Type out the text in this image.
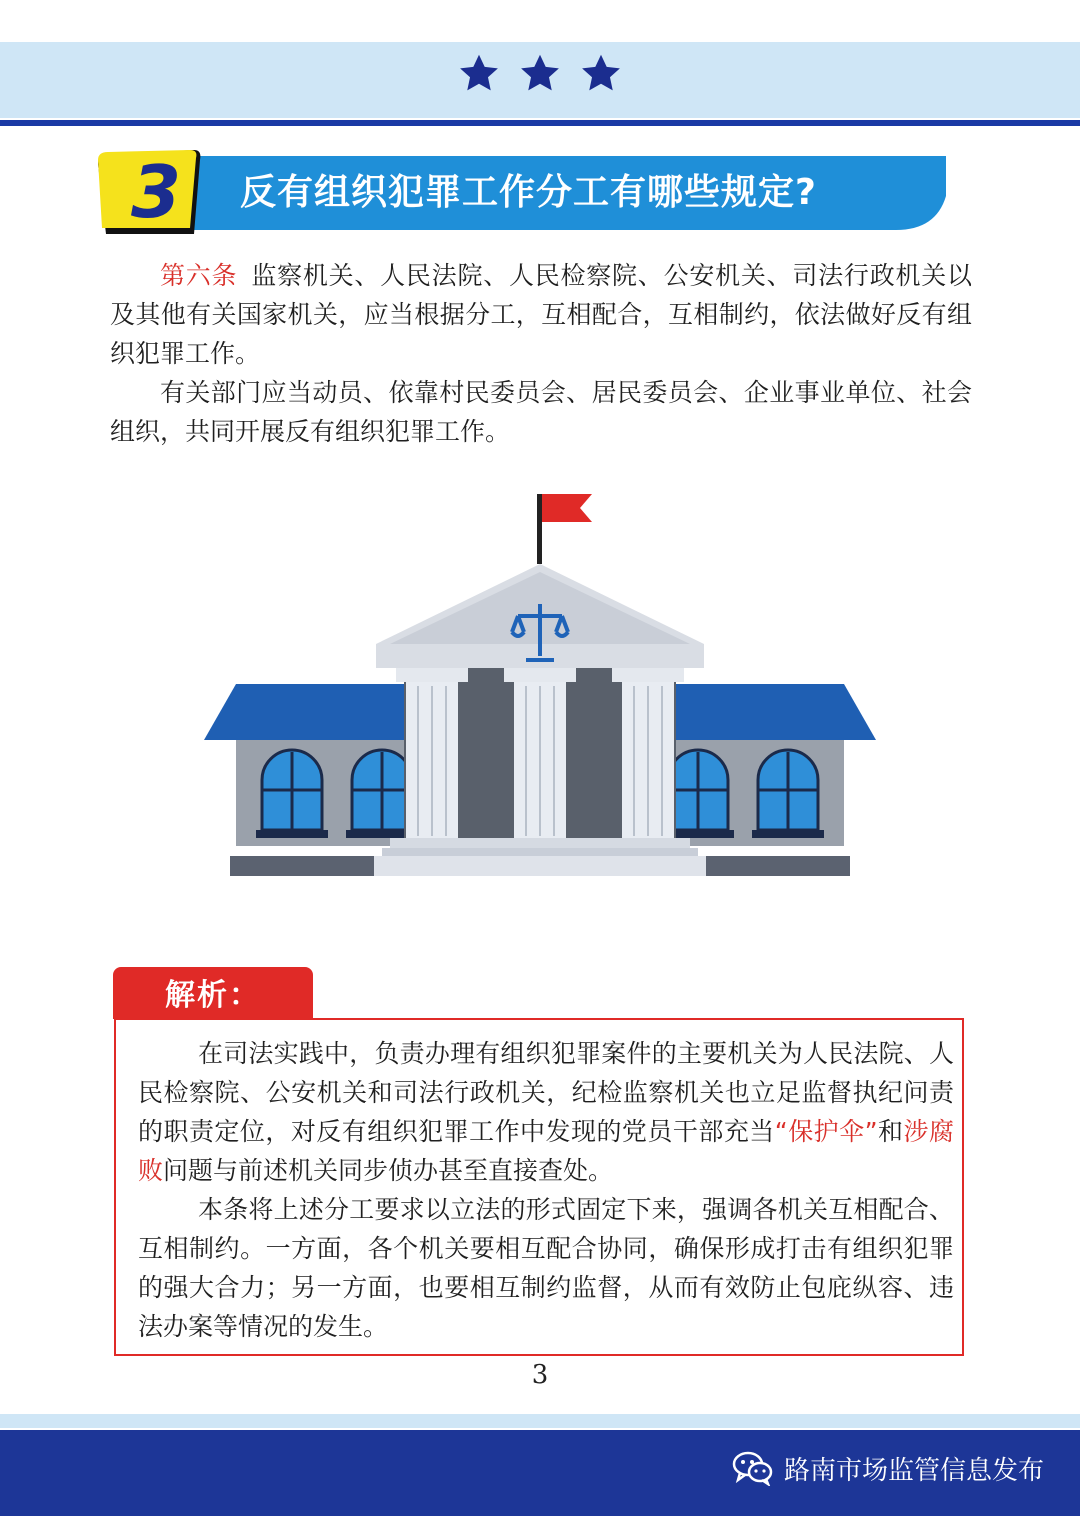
3	反有组织犯罪工作分工有哪些规定?

第六条 监察机关、人民法院、人民检察院、公安机关、司法行政机关以及其他有关国家机关，应当根据分工，互相配合，互相制约，依法做好反有组织犯罪工作。

有关部门应当动员、依靠村民委员会、居民委员会、企业事业单位、社会组织，共同开展反有组织犯罪工作。

解析：

在司法实践中，负责办理有组织犯罪案件的主要机关为人民法院、人民检察院、公安机关和司法行政机关，纪检监察机关也立足监督执纪问责的职责定位，对反有组织犯罪工作中发现的党员干部充当“保护伞”和涉腐败问题与前述机关同步侦办甚至直接查处。

本条将上述分工要求以立法的形式固定下来，强调各机关互相配合、互相制约。一方面，各个机关要相互配合协同，确保形成打击有组织犯罪的强大合力；另一方面，也要相互制约监督，从而有效防止包庇纵容、违法办案等情况的发生。

3
路南市场监管信息发布
